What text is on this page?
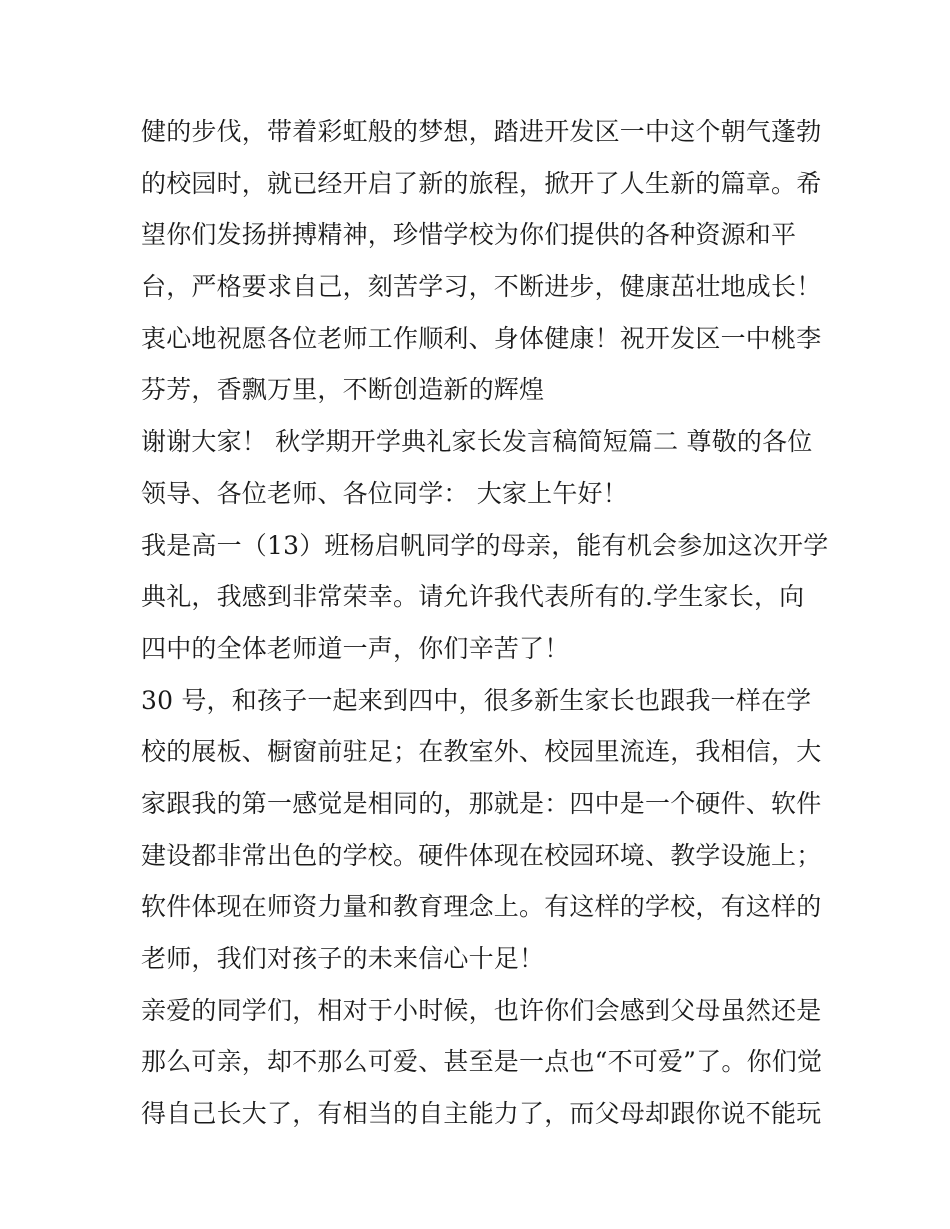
健的步伐，带着彩虹般的梦想，踏进开发区一中这个朝气蓬勃
的校园时，就已经开启了新的旅程，掀开了人生新的篇章。希
望你们发扬拼搏精神，珍惜学校为你们提供的各种资源和平
台，严格要求自己，刻苦学习，不断进步，健康茁壮地成长！
衷心地祝愿各位老师工作顺利、身体健康！祝开发区一中桃李
芬芳，香飘万里，不断创造新的辉煌
谢谢大家！ 秋学期开学典礼家长发言稿简短篇二 尊敬的各位
领导、各位老师、各位同学： 大家上午好！
我是高一（13）班杨启帆同学的母亲，能有机会参加这次开学
典礼，我感到非常荣幸。请允许我代表所有的.学生家长，向
四中的全体老师道一声，你们辛苦了！
30 号，和孩子一起来到四中，很多新生家长也跟我一样在学
校的展板、橱窗前驻足；在教室外、校园里流连，我相信，大
家跟我的第一感觉是相同的，那就是：四中是一个硬件、软件
建设都非常出色的学校。硬件体现在校园环境、教学设施上；
软件体现在师资力量和教育理念上。有这样的学校，有这样的
老师，我们对孩子的未来信心十足！
亲爱的同学们，相对于小时候，也许你们会感到父母虽然还是
那么可亲，却不那么可爱、甚至是一点也“不可爱”了。你们觉
得自己长大了，有相当的自主能力了，而父母却跟你说不能玩
